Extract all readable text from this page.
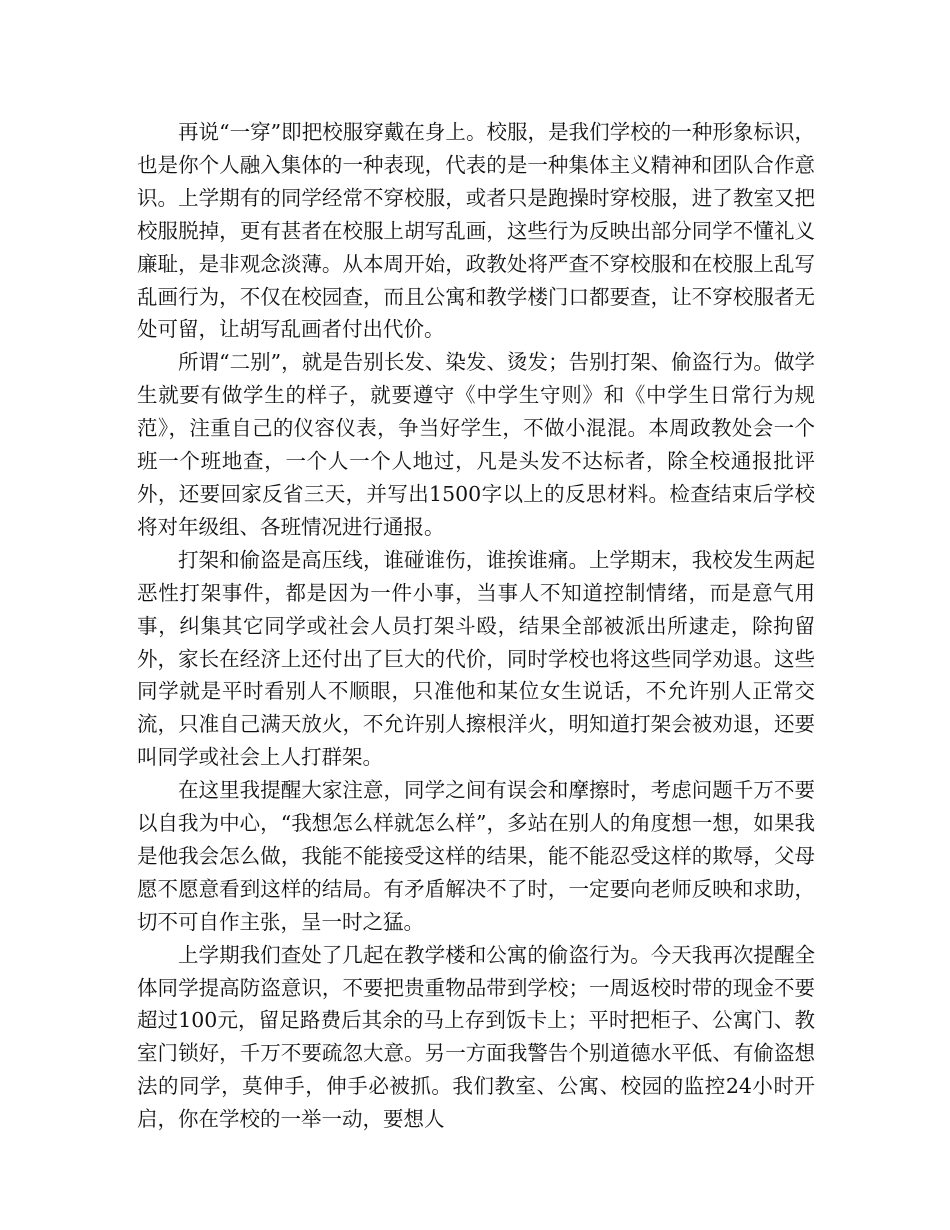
再说“一穿”即把校服穿戴在身上。校服，是我们学校的一种形象标识，也是你个人融入集体的一种表现，代表的是一种集体主义精神和团队合作意识。上学期有的同学经常不穿校服，或者只是跑操时穿校服，进了教室又把校服脱掉，更有甚者在校服上胡写乱画，这些行为反映出部分同学不懂礼义廉耻，是非观念淡薄。从本周开始，政教处将严查不穿校服和在校服上乱写乱画行为，不仅在校园查，而且公寓和教学楼门口都要查，让不穿校服者无处可留，让胡写乱画者付出代价。

所谓“二别”，就是告别长发、染发、烫发；告别打架、偷盗行为。做学生就要有做学生的样子，就要遵守《中学生守则》和《中学生日常行为规范》，注重自己的仪容仪表，争当好学生，不做小混混。本周政教处会一个班一个班地查，一个人一个人地过，凡是头发不达标者，除全校通报批评外，还要回家反省三天，并写出1500字以上的反思材料。检查结束后学校将对年级组、各班情况进行通报。

打架和偷盗是高压线，谁碰谁伤，谁挨谁痛。上学期末，我校发生两起恶性打架事件，都是因为一件小事，当事人不知道控制情绪，而是意气用事，纠集其它同学或社会人员打架斗殴，结果全部被派出所逮走，除拘留外，家长在经济上还付出了巨大的代价，同时学校也将这些同学劝退。这些同学就是平时看别人不顺眼，只准他和某位女生说话，不允许别人正常交流，只准自己满天放火，不允许别人擦根洋火，明知道打架会被劝退，还要叫同学或社会上人打群架。

在这里我提醒大家注意，同学之间有误会和摩擦时，考虑问题千万不要以自我为中心，“我想怎么样就怎么样”，多站在别人的角度想一想，如果我是他我会怎么做，我能不能接受这样的结果，能不能忍受这样的欺辱，父母愿不愿意看到这样的结局。有矛盾解决不了时，一定要向老师反映和求助，切不可自作主张，呈一时之猛。

上学期我们查处了几起在教学楼和公寓的偷盗行为。今天我再次提醒全体同学提高防盗意识，不要把贵重物品带到学校；一周返校时带的现金不要超过100元，留足路费后其余的马上存到饭卡上；平时把柜子、公寓门、教室门锁好，千万不要疏忽大意。另一方面我警告个别道德水平低、有偷盗想法的同学，莫伸手，伸手必被抓。我们教室、公寓、校园的监控24小时开启，你在学校的一举一动，要想人
